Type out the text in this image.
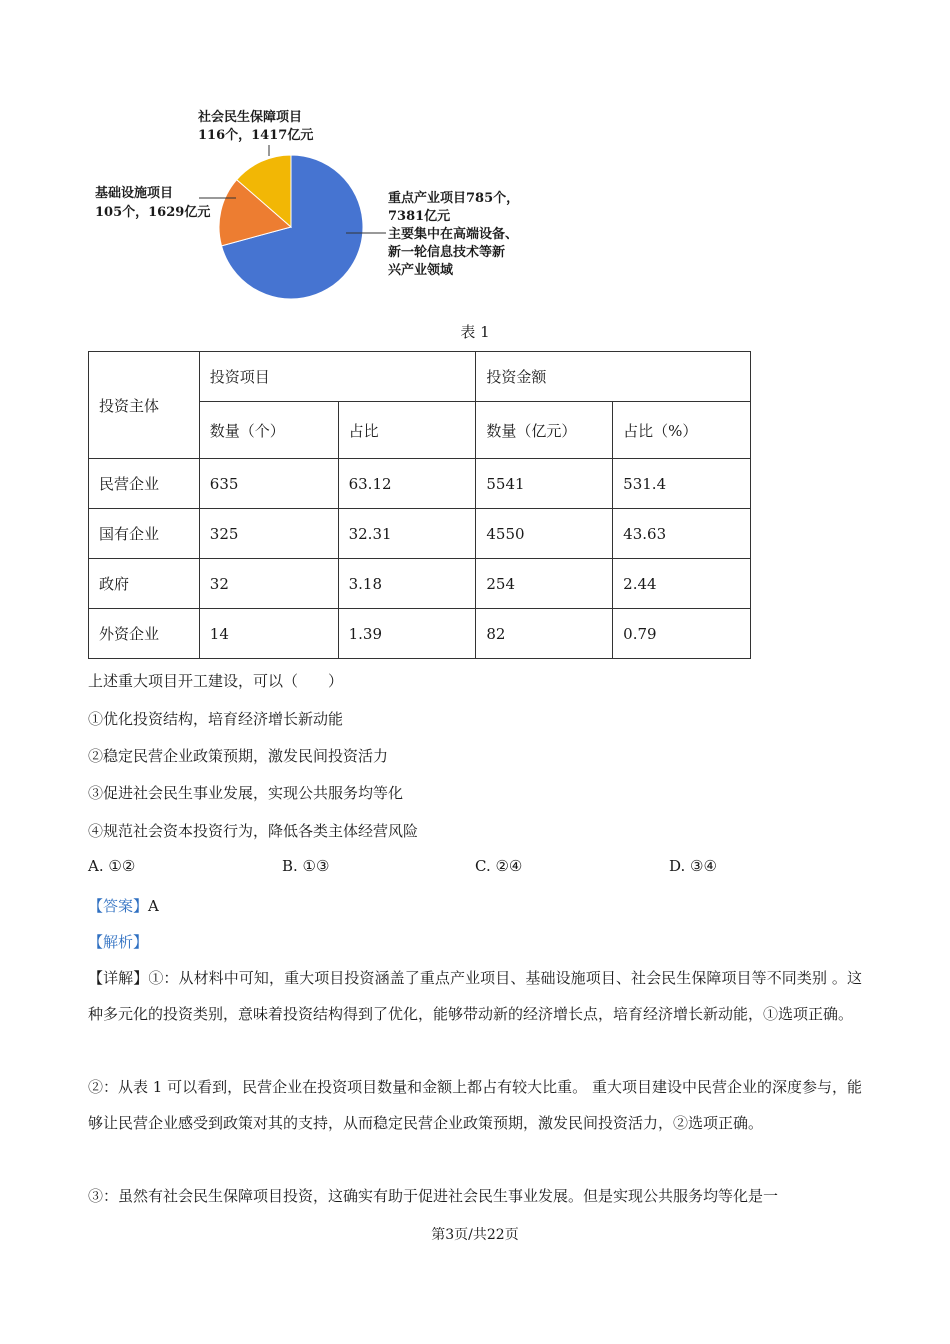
社会民生保障项目
116个，1417亿元
基础设施项目
105个，1629亿元
重点产业项目785个，
7381亿元
主要集中在高端设备、
新一轮信息技术等新
兴产业领域
表 1
投资主体	投资项目		投资金额	
	数量（个）	占比	数量（亿元）	占比（%）
民营企业	635	63.12	5541	531.4
国有企业	325	32.31	4550	43.63
政府	32	3.18	254	2.44
外资企业	14	1.39	82	0.79
上述重大项目开工建设，可以（　　）
①优化投资结构，培育经济增长新动能
②稳定民营企业政策预期，激发民间投资活力
③促进社会民生事业发展，实现公共服务均等化
④规范社会资本投资行为，降低各类主体经营风险
A. ①②	B. ①③	C. ②④	D. ③④
【答案】A
【解析】
【详解】①：从材料中可知，重大项目投资涵盖了重点产业项目、基础设施项目、社会民生保障项目等不同类别 。这种多元化的投资类别，意味着投资结构得到了优化，能够带动新的经济增长点，培育经济增长新动能，①选项正确。
②：从表 1 可以看到，民营企业在投资项目数量和金额上都占有较大比重。 重大项目建设中民营企业的深度参与，能够让民营企业感受到政策对其的支持，从而稳定民营企业政策预期，激发民间投资活力，②选项正确。
③：虽然有社会民生保障项目投资，这确实有助于促进社会民生事业发展。但是实现公共服务均等化是一
第3页/共22页
